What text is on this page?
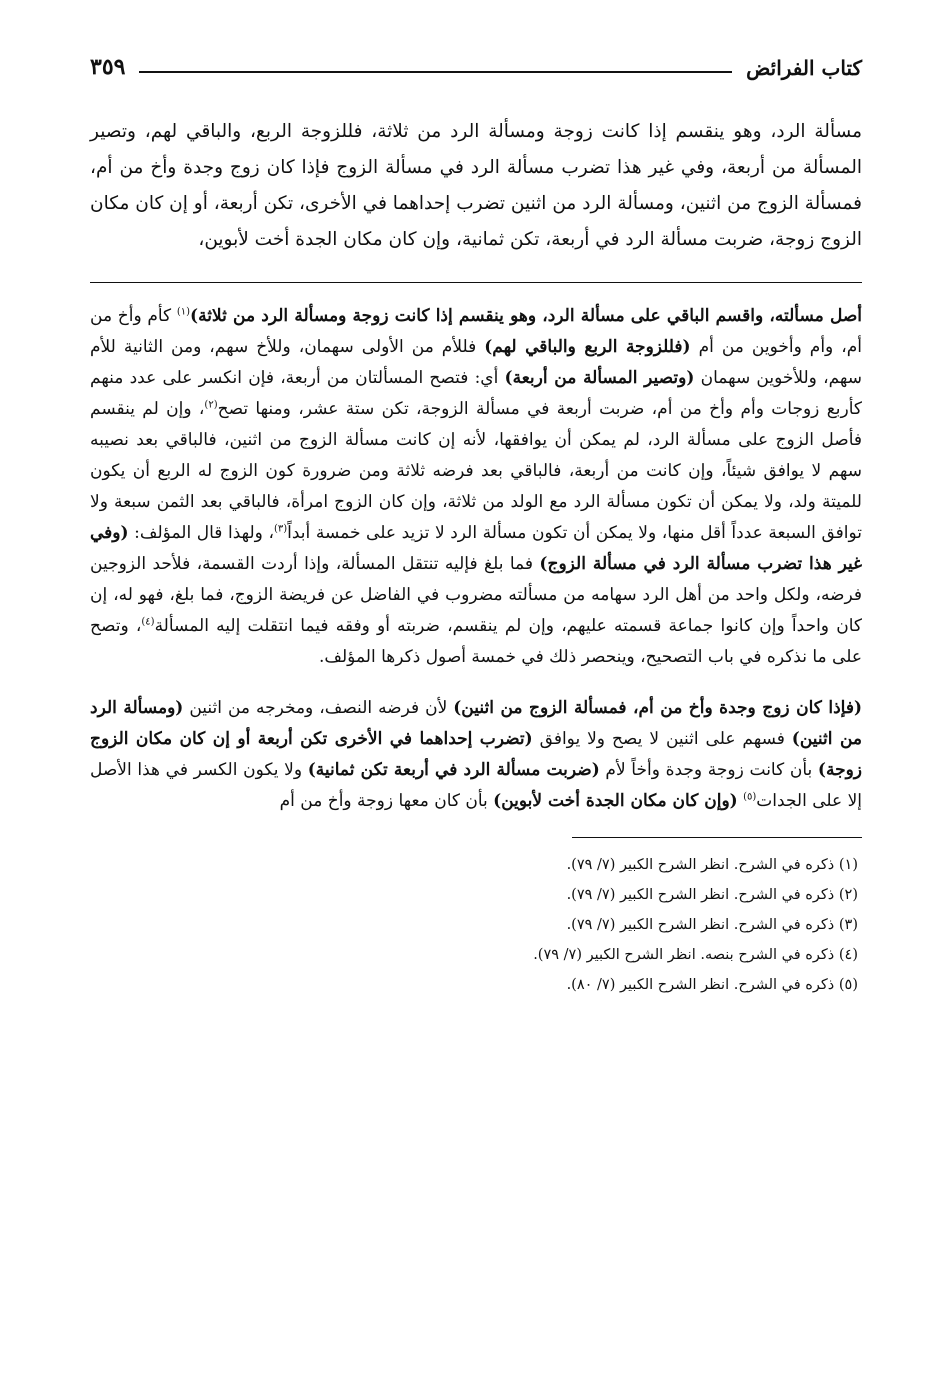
كتاب الفرائض
٣٥٩

مسألة الرد، وهو ينقسم إذا كانت زوجة ومسألة الرد من ثلاثة، فللزوجة الربع، والباقي لهم، وتصير المسألة من أربعة، وفي غير هذا تضرب مسألة الرد في مسألة الزوج فإذا كان زوج وجدة وأخ من أم، فمسألة الزوج من اثنين، ومسألة الرد من اثنين تضرب إحداهما في الأخرى، تكن أربعة، أو إن كان مكان الزوج زوجة، ضربت مسألة الرد في أربعة، تكن ثمانية، وإن كان مكان الجدة أخت لأبوين،

أصل مسألته، واقسم الباقي على مسألة الرد، وهو ينقسم إذا كانت زوجة ومسألة الرد من ثلاثة)$^{(١)}$ كأم وأخ من أم، وأم وأخوين من أم (فللزوجة الربع والباقي لهم) فللأم من الأولى سهمان، وللأخ سهم، ومن الثانية للأم سهم، وللأخوين سهمان (وتصير المسألة من أربعة) أي: فتصح المسألتان من أربعة، فإن انكسر على عدد منهم كأربع زوجات وأم وأخ من أم، ضربت أربعة في مسألة الزوجة، تكن ستة عشر، ومنها تصح$^{(٢)}$، وإن لم ينقسم فأصل الزوج على مسألة الرد، لم يمكن أن يوافقها، لأنه إن كانت مسألة الزوج من اثنين، فالباقي بعد نصيبه سهم لا يوافق شيئاً، وإن كانت من أربعة، فالباقي بعد فرضه ثلاثة ومن ضرورة كون الزوج له الربع أن يكون للميتة ولد، ولا يمكن أن تكون مسألة الرد مع الولد من ثلاثة، وإن كان الزوج امرأة، فالباقي بعد الثمن سبعة ولا توافق السبعة عدداً أقل منها، ولا يمكن أن تكون مسألة الرد لا تزيد على خمسة أبداً$^{(٣)}$، ولهذا قال المؤلف: (وفي غير هذا تضرب مسألة الرد في مسألة الزوج) فما بلغ فإليه تنتقل المسألة، وإذا أردت القسمة، فلأحد الزوجين فرضه، ولكل واحد من أهل الرد سهامه من مسألته مضروب في الفاضل عن فريضة الزوج، فما بلغ، فهو له، إن كان واحداً وإن كانوا جماعة قسمته عليهم، وإن لم ينقسم، ضربته أو وفقه فيما انتقلت إليه المسألة$^{(٤)}$، وتصح على ما نذكره في باب التصحيح، وينحصر ذلك في خمسة أصول ذكرها المؤلف.

(فإذا كان زوج وجدة وأخ من أم، فمسألة الزوج من اثنين) لأن فرضه النصف، ومخرجه من اثنين (ومسألة الرد من اثنين) فسهم على اثنين لا يصح ولا يوافق (تضرب إحداهما في الأخرى تكن أربعة أو إن كان مكان الزوج زوجة) بأن كانت زوجة وجدة وأخاً لأم (ضربت مسألة الرد في أربعة تكن ثمانية) ولا يكون الكسر في هذا الأصل إلا على الجدات$^{(٥)}$ (وإن كان مكان الجدة أخت لأبوين) بأن كان معها زوجة وأخ من أم

(١) ذكره في الشرح. انظر الشرح الكبير (٧/ ٧٩).
(٢) ذكره في الشرح. انظر الشرح الكبير (٧/ ٧٩).
(٣) ذكره في الشرح. انظر الشرح الكبير (٧/ ٧٩).
(٤) ذكره في الشرح بنصه. انظر الشرح الكبير (٧/ ٧٩).
(٥) ذكره في الشرح. انظر الشرح الكبير (٧/ ٨٠).
